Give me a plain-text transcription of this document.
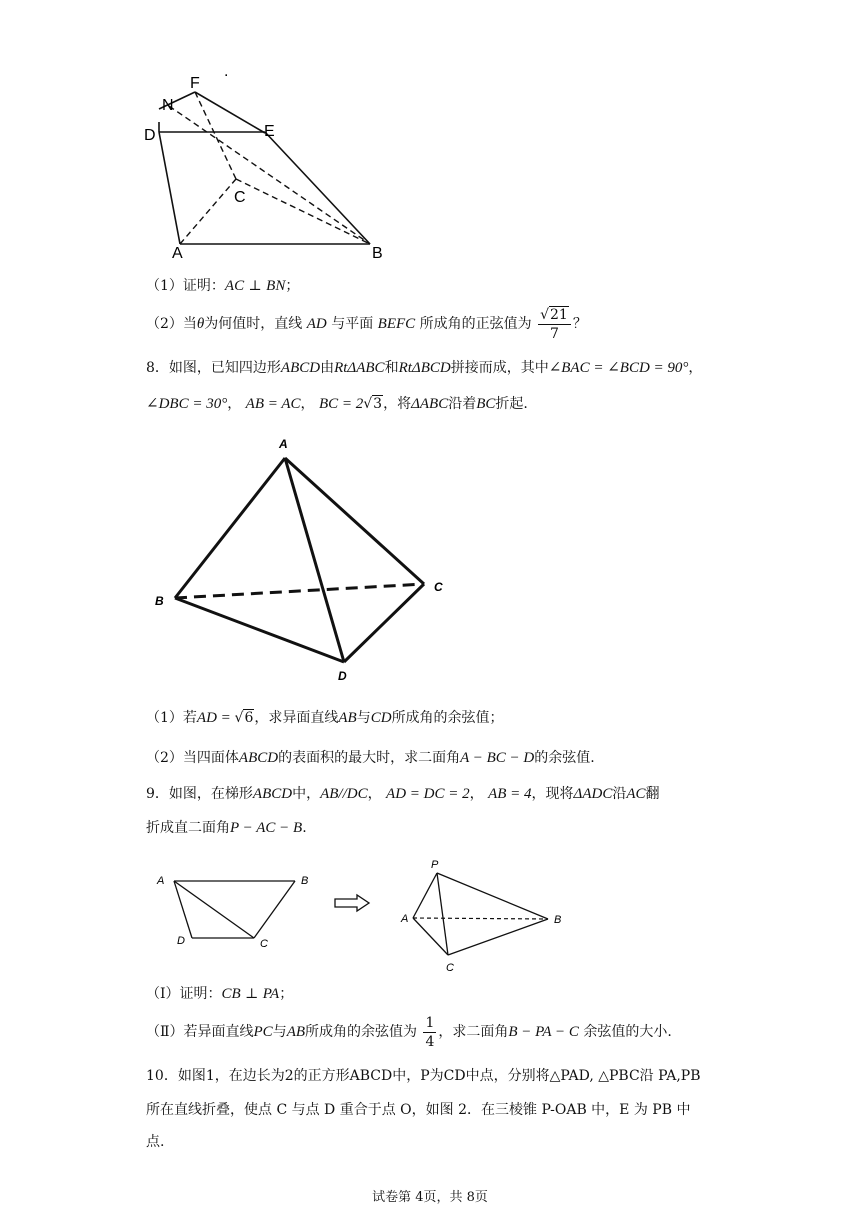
F
.
N
D	E
C
A	B
（1）证明：AC ⊥ BN；
（2）当θ为何值时，直线 AD 与平面 BEFC 所成角的正弦值为 $\frac{√21}{7}$ ？
8．如图，已知四边形ABCD由RtΔABC和RtΔBCD拼接而成，其中∠BAC = ∠BCD = 90°，
∠DBC = 30°， AB = AC， BC = 2√3，将ΔABC沿着BC折起.
A
B
C
D
（1）若AD = √6，求异面直线AB与CD所成角的余弦值；
（2）当四面体ABCD的表面积的最大时，求二面角A − BC − D的余弦值.
9．如图，在梯形ABCD中，AB//DC， AD = DC = 2， AB = 4，现将ΔADC沿AC翻
折成直二面角P − AC − B.
A	B
D	C
P
A	B
C
（Ⅰ）证明：CB ⊥ PA；
（Ⅱ）若异面直线PC与AB所成角的余弦值为 $\frac{1}{4}$ ，求二面角B − PA − C 余弦值的大小.
10．如图1，在边长为2的正方形ABCD中，P为CD中点，分别将△PAD, △PBC沿 PA,PB
所在直线折叠，使点 C 与点 D 重合于点 O，如图 2．在三棱锥 P-OAB 中，E 为 PB 中
点.
试卷第 4页，共 8页
